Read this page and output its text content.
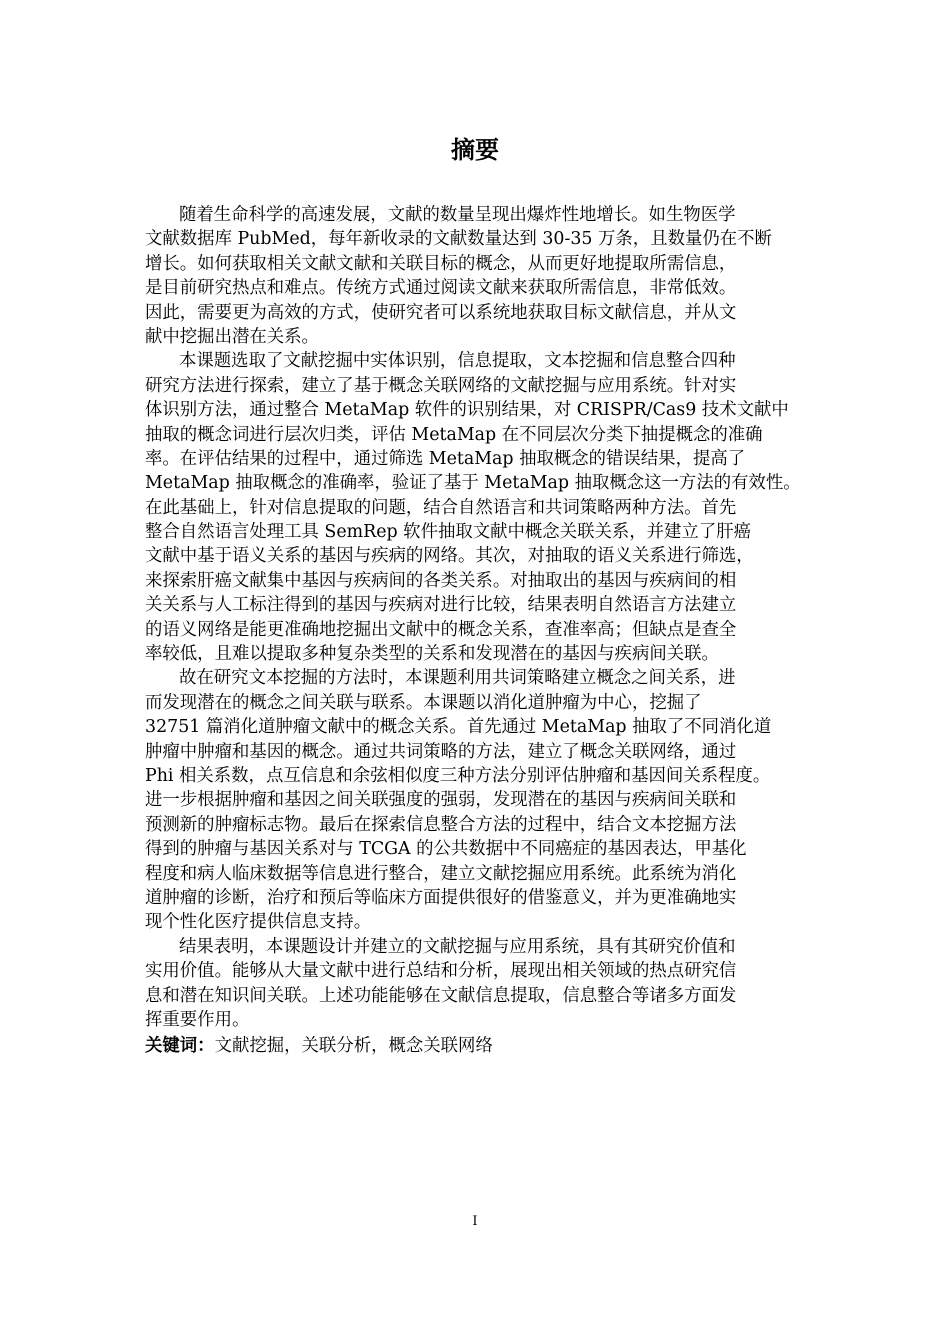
摘要
随着生命科学的高速发展，文献的数量呈现出爆炸性地增长。如生物医学
文献数据库 PubMed，每年新收录的文献数量达到 30-35 万条，且数量仍在不断
增长。如何获取相关文献文献和关联目标的概念，从而更好地提取所需信息，
是目前研究热点和难点。传统方式通过阅读文献来获取所需信息，非常低效。
因此，需要更为高效的方式，使研究者可以系统地获取目标文献信息，并从文
献中挖掘出潜在关系。
本课题选取了文献挖掘中实体识别，信息提取，文本挖掘和信息整合四种
研究方法进行探索，建立了基于概念关联网络的文献挖掘与应用系统。针对实
体识别方法，通过整合 MetaMap 软件的识别结果，对 CRISPR/Cas9 技术文献中
抽取的概念词进行层次归类，评估 MetaMap 在不同层次分类下抽提概念的准确
率。在评估结果的过程中，通过筛选 MetaMap 抽取概念的错误结果，提高了
MetaMap 抽取概念的准确率，验证了基于 MetaMap 抽取概念这一方法的有效性。
在此基础上，针对信息提取的问题，结合自然语言和共词策略两种方法。首先
整合自然语言处理工具 SemRep 软件抽取文献中概念关联关系，并建立了肝癌
文献中基于语义关系的基因与疾病的网络。其次，对抽取的语义关系进行筛选，
来探索肝癌文献集中基因与疾病间的各类关系。对抽取出的基因与疾病间的相
关关系与人工标注得到的基因与疾病对进行比较，结果表明自然语言方法建立
的语义网络是能更准确地挖掘出文献中的概念关系，查准率高；但缺点是查全
率较低，且难以提取多种复杂类型的关系和发现潜在的基因与疾病间关联。
故在研究文本挖掘的方法时，本课题利用共词策略建立概念之间关系，进
而发现潜在的概念之间关联与联系。本课题以消化道肿瘤为中心，挖掘了
32751 篇消化道肿瘤文献中的概念关系。首先通过 MetaMap 抽取了不同消化道
肿瘤中肿瘤和基因的概念。通过共词策略的方法，建立了概念关联网络，通过
Phi 相关系数，点互信息和余弦相似度三种方法分别评估肿瘤和基因间关系程度。
进一步根据肿瘤和基因之间关联强度的强弱，发现潜在的基因与疾病间关联和
预测新的肿瘤标志物。最后在探索信息整合方法的过程中，结合文本挖掘方法
得到的肿瘤与基因关系对与 TCGA 的公共数据中不同癌症的基因表达，甲基化
程度和病人临床数据等信息进行整合，建立文献挖掘应用系统。此系统为消化
道肿瘤的诊断，治疗和预后等临床方面提供很好的借鉴意义，并为更准确地实
现个性化医疗提供信息支持。
结果表明，本课题设计并建立的文献挖掘与应用系统，具有其研究价值和
实用价值。能够从大量文献中进行总结和分析，展现出相关领域的热点研究信
息和潜在知识间关联。上述功能能够在文献信息提取，信息整合等诸多方面发
挥重要作用。
关键词：文献挖掘，关联分析，概念关联网络
I
